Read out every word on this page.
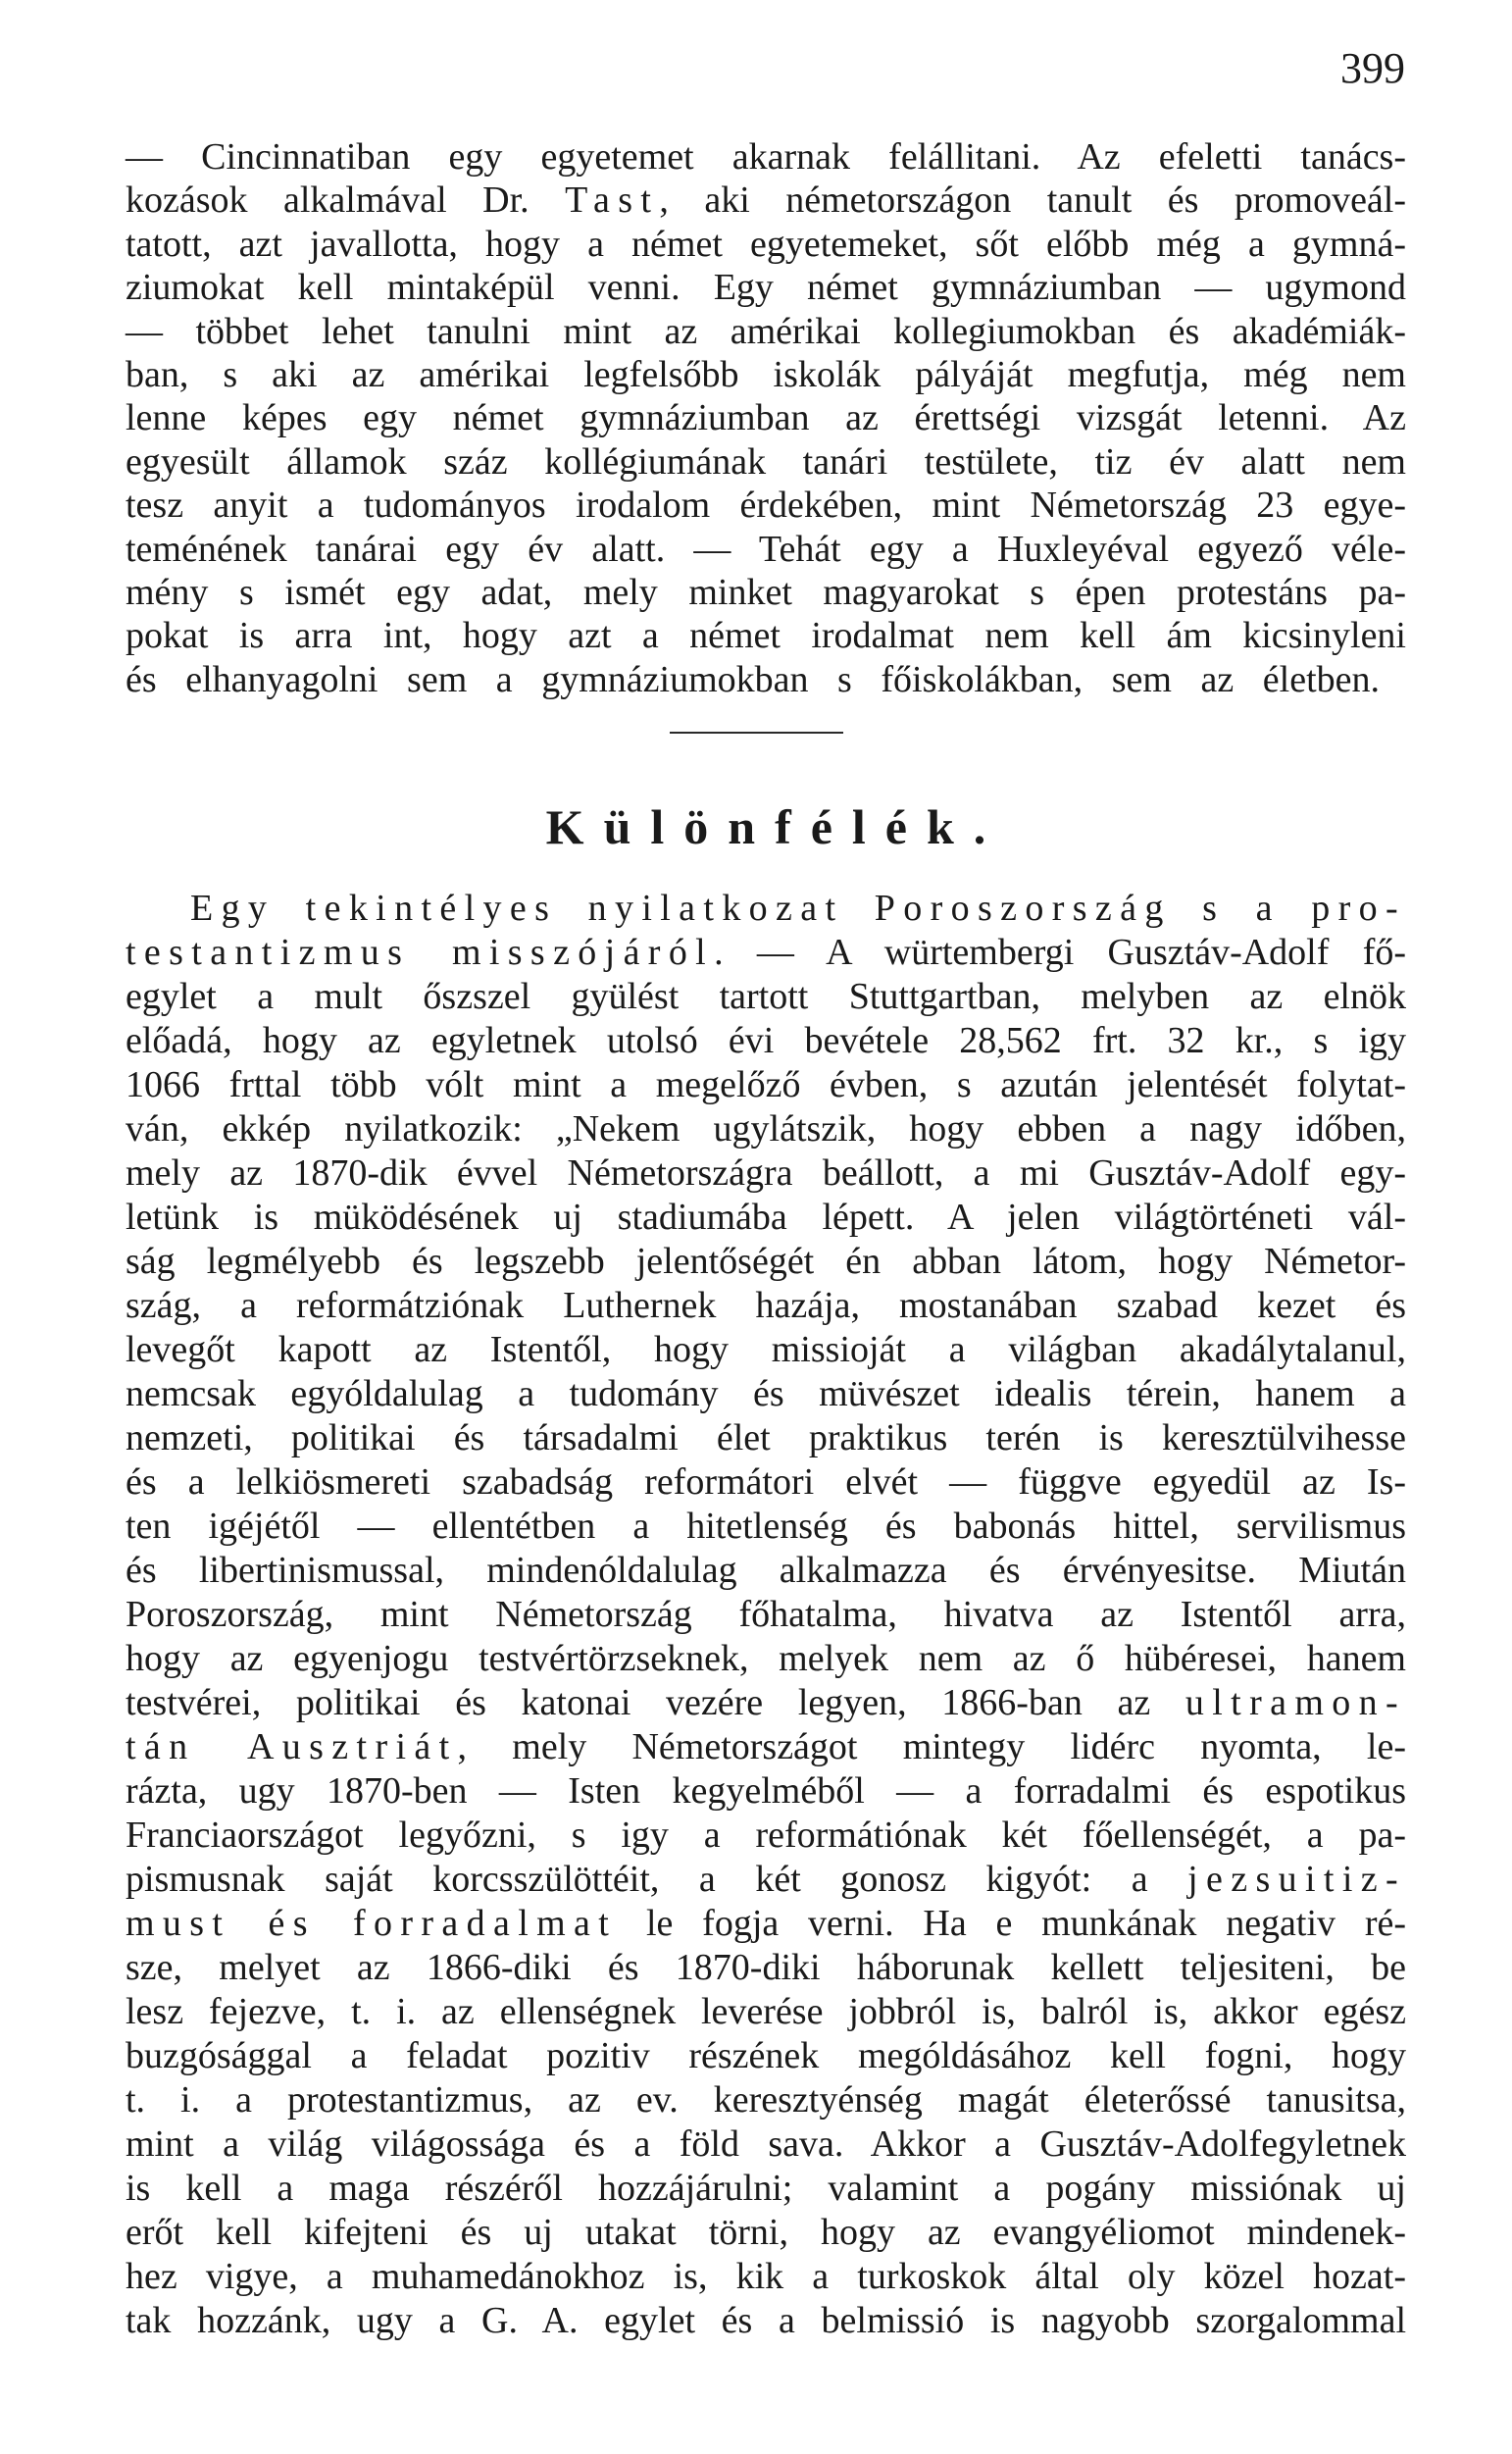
399
— Cincinnatiban egy egyetemet akarnak felállitani. Az efeletti tanács-
kozások alkalmával Dr. Tast, aki németországon tanult és promoveál-
tatott, azt javallotta, hogy a német egyetemeket, sőt előbb még a gymná-
ziumokat kell mintaképül venni. Egy német gymnáziumban — ugymond
— többet lehet tanulni mint az amérikai kollegiumokban és akadémiák-
ban, s aki az amérikai legfelsőbb iskolák pályáját megfutja, még nem
lenne képes egy német gymnáziumban az érettségi vizsgát letenni. Az
egyesült államok száz kollégiumának tanári testülete, tiz év alatt nem
tesz anyit a tudományos irodalom érdekében, mint Németország 23 egye-
teménének tanárai egy év alatt. — Tehát egy a Huxleyéval egyező véle-
mény s ismét egy adat, mely minket magyarokat s épen protestáns pa-
pokat is arra int, hogy azt a német irodalmat nem kell ám kicsinyleni
és elhanyagolni sem a gymnáziumokban s főiskolákban, sem az életben.
Különfélék.
Egy tekintélyes nyilatkozat Poroszország s a pro-
testantizmus misszójáról. — A würtembergi Gusztáv-Adolf fő-
egylet a mult őszszel gyülést tartott Stuttgartban, melyben az elnök
előadá, hogy az egyletnek utolsó évi bevétele 28,562 frt. 32 kr., s igy
1066 frttal több vólt mint a megelőző évben, s azután jelentését folytat-
ván, ekkép nyilatkozik: „Nekem ugylátszik, hogy ebben a nagy időben,
mely az 1870-dik évvel Németországra beállott, a mi Gusztáv-Adolf egy-
letünk is müködésének uj stadiumába lépett. A jelen világtörténeti vál-
ság legmélyebb és legszebb jelentőségét én abban látom, hogy Németor-
szág, a reformátziónak Luthernek hazája, mostanában szabad kezet és
levegőt kapott az Istentől, hogy missioját a világban akadálytalanul,
nemcsak egyóldalulag a tudomány és müvészet idealis térein, hanem a
nemzeti, politikai és társadalmi élet praktikus terén is keresztülvihesse
és a lelkiösmereti szabadság reformátori elvét — függve egyedül az Is-
ten igéjétől — ellentétben a hitetlenség és babonás hittel, servilismus
és libertinismussal, mindenóldalulag alkalmazza és érvényesitse. Miután
Poroszország, mint Németország főhatalma, hivatva az Istentől arra,
hogy az egyenjogu testvértörzseknek, melyek nem az ő hübéresei, hanem
testvérei, politikai és katonai vezére legyen, 1866-ban az ultramon-
tán Ausztriát, mely Németországot mintegy lidérc nyomta, le-
rázta, ugy 1870-ben — Isten kegyelméből — a forradalmi és espotikus
Franciaországot legyőzni, s igy a reformátiónak két főellenségét, a pa-
pismusnak saját korcsszülöttéit, a két gonosz kigyót: a jezsuitiz-
must és forradalmat le fogja verni. Ha e munkának negativ ré-
sze, melyet az 1866-diki és 1870-diki háborunak kellett teljesiteni, be
lesz fejezve, t. i. az ellenségnek leverése jobbról is, balról is, akkor egész
buzgósággal a feladat pozitiv részének mególdásához kell fogni, hogy
t. i. a protestantizmus, az ev. keresztyénség magát életerőssé tanusitsa,
mint a világ világossága és a föld sava. Akkor a Gusztáv-Adolfegyletnek
is kell a maga részéről hozzájárulni; valamint a pogány missiónak uj
erőt kell kifejteni és uj utakat törni, hogy az evangyéliomot mindenek-
hez vigye, a muhamedánokhoz is, kik a turkoskok által oly közel hozat-
tak hozzánk, ugy a G. A. egylet és a belmissió is nagyobb szorgalommal
